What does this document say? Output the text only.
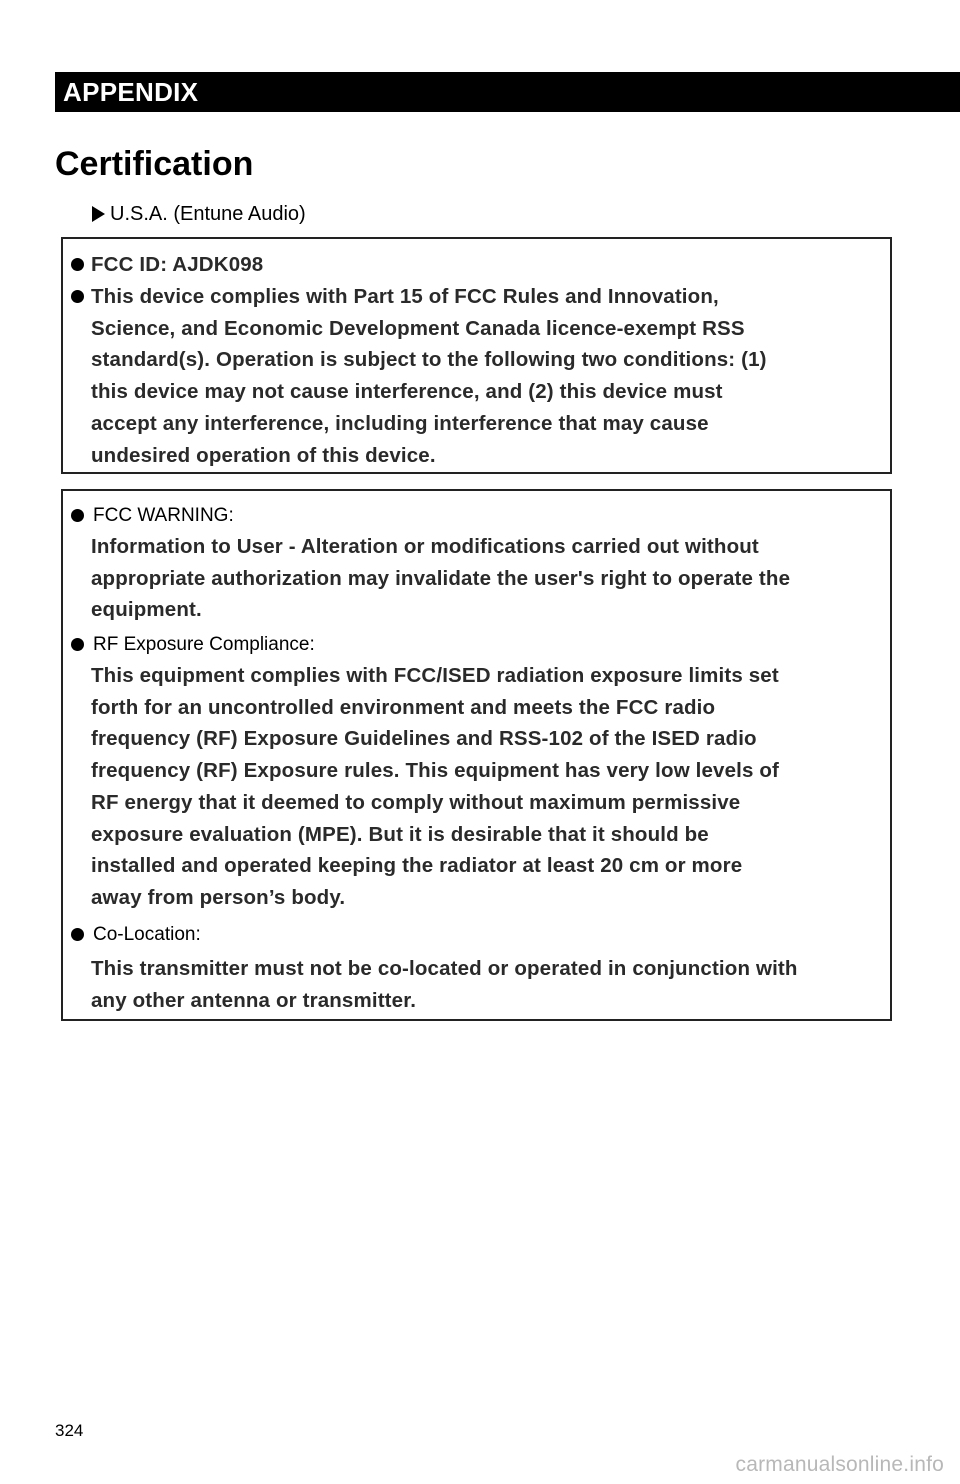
APPENDIX
Certification
U.S.A. (Entune Audio)
FCC ID: AJDK098
This device complies with Part 15 of FCC Rules and Innovation,
Science, and Economic Development Canada licence-exempt RSS
standard(s). Operation is subject to the following two conditions: (1)
this device may not cause interference, and (2) this device must
accept any interference, including interference that may cause
undesired operation of this device.
FCC WARNING:
Information to User - Alteration or modifications carried out without
appropriate authorization may invalidate the user's right to operate the
equipment.
RF Exposure Compliance:
This equipment complies with FCC/ISED radiation exposure limits set
forth for an uncontrolled environment and meets the FCC radio
frequency (RF) Exposure Guidelines and RSS-102 of the ISED radio
frequency (RF) Exposure rules. This equipment has very low levels of
RF energy that it deemed to comply without maximum permissive
exposure evaluation (MPE). But it is desirable that it should be
installed and operated keeping the radiator at least 20 cm or more
away from person’s body.
Co-Location:
This transmitter must not be co-located or operated in conjunction with
any other antenna or transmitter.
324
carmanualsonline.info
